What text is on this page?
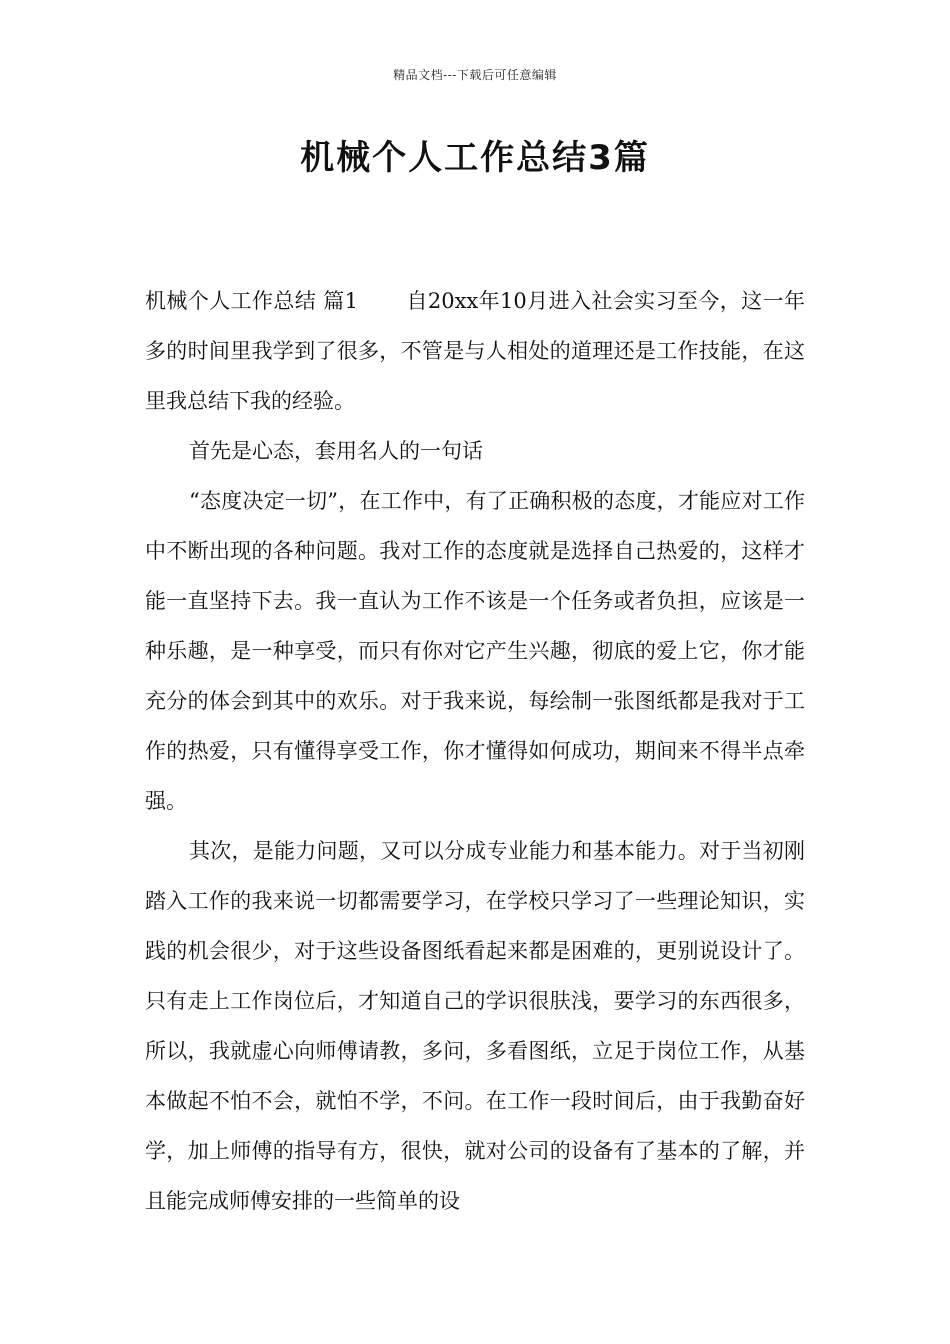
精品文档---下载后可任意编辑
机械个人工作总结3篇

机械个人工作总结 篇1 自20xx年10月进入社会实习至今，这一年多的时间里我学到了很多，不管是与人相处的道理还是工作技能，在这里我总结下我的经验。

首先是心态，套用名人的一句话

“态度决定一切”，在工作中，有了正确积极的态度，才能应对工作中不断出现的各种问题。我对工作的态度就是选择自己热爱的，这样才能一直坚持下去。我一直认为工作不该是一个任务或者负担，应该是一种乐趣，是一种享受，而只有你对它产生兴趣，彻底的爱上它，你才能充分的体会到其中的欢乐。对于我来说，每绘制一张图纸都是我对于工作的热爱，只有懂得享受工作，你才懂得如何成功，期间来不得半点牵强。

其次，是能力问题，又可以分成专业能力和基本能力。对于当初刚踏入工作的我来说一切都需要学习，在学校只学习了一些理论知识，实践的机会很少，对于这些设备图纸看起来都是困难的，更别说设计了。只有走上工作岗位后，才知道自己的学识很肤浅，要学习的东西很多，所以，我就虚心向师傅请教，多问，多看图纸，立足于岗位工作，从基本做起不怕不会，就怕不学，不问。在工作一段时间后，由于我勤奋好学，加上师傅的指导有方，很快，就对公司的设备有了基本的了解，并且能完成师傅安排的一些简单的设
